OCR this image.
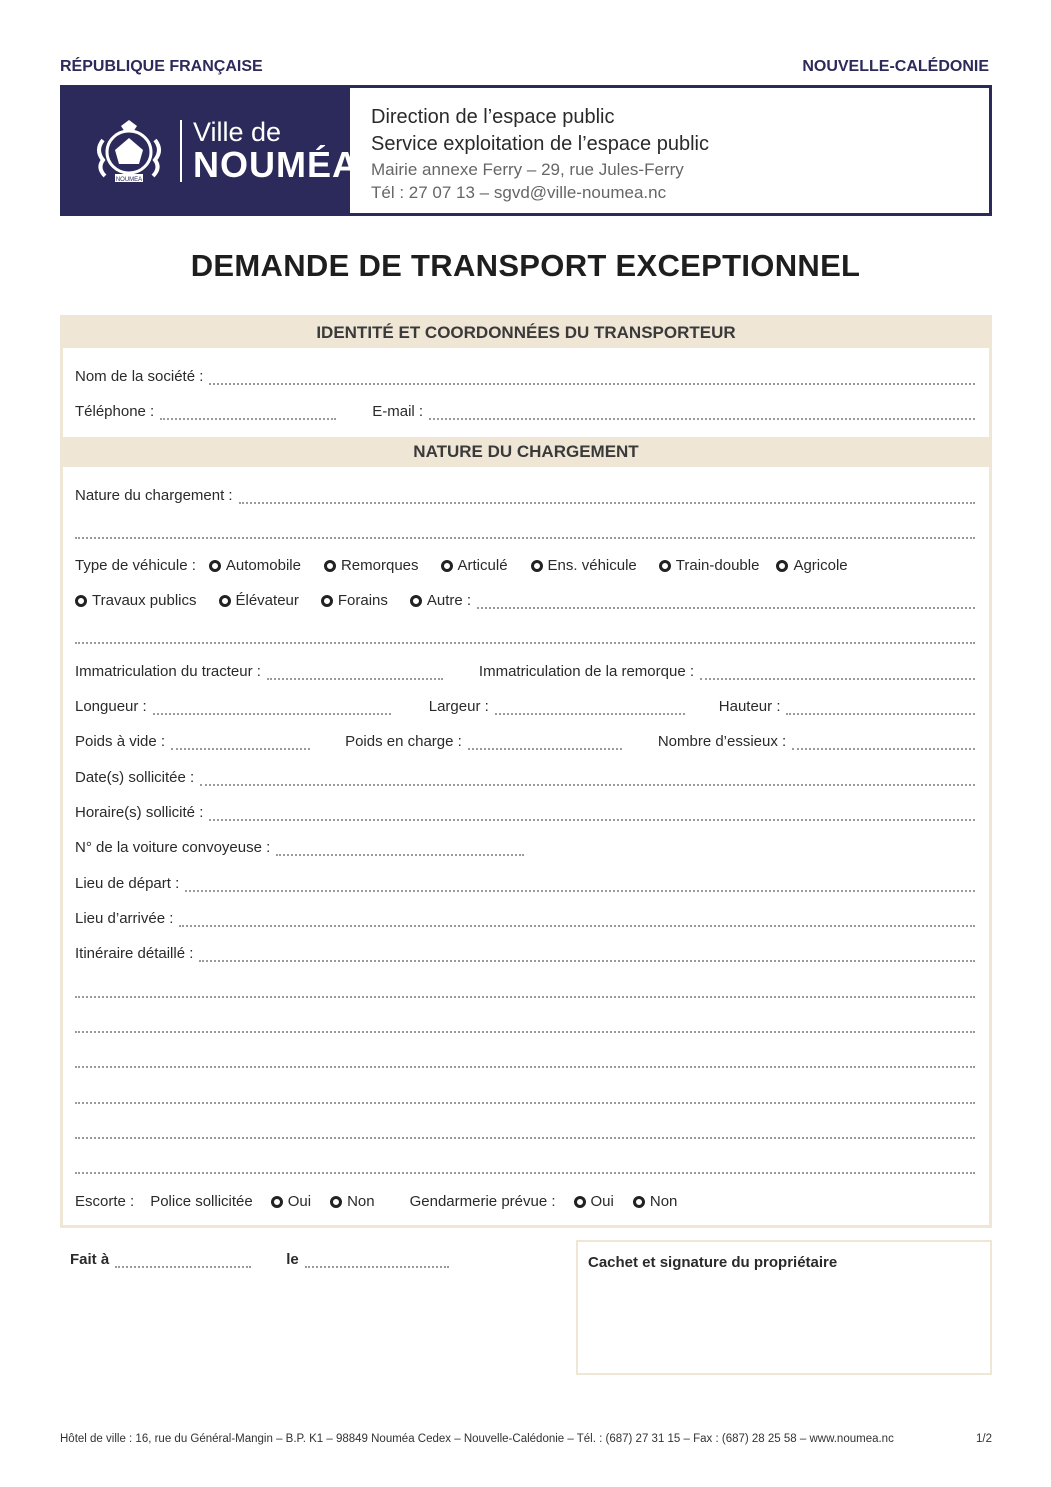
RÉPUBLIQUE FRANÇAISE	NOUVELLE-CALÉDONIE
NOUMEA
Ville de
NOUMÉA
Direction de l’espace public
Service exploitation de l’espace public
Mairie annexe Ferry – 29, rue Jules-Ferry
Tél : 27 07 13 – sgvd@ville-noumea.nc
DEMANDE DE TRANSPORT EXCEPTIONNEL
IDENTITÉ ET COORDONNÉES DU TRANSPORTEUR
Nom de la société :
Téléphone :	E-mail :
NATURE DU CHARGEMENT
Nature du chargement :
Type de véhicule : Automobile	Remorques	Articulé	Ens. véhicule	Train-double Agricole
Travaux publics	Élévateur	Forains	Autre :
Immatriculation du tracteur :	Immatriculation de la remorque :
Longueur :	Largeur :	Hauteur :
Poids à vide :	Poids en charge :	Nombre d’essieux :
Date(s) sollicitée :
Horaire(s) sollicité :
N° de la voiture convoyeuse :
Lieu de départ :
Lieu d’arrivée :
Itinéraire détaillé :
Escorte : Police sollicitée Oui Non Gendarmerie prévue : Oui Non
Fait à	le	Cachet et signature du propriétaire
Hôtel de ville : 16, rue du Général-Mangin – B.P. K1 – 98849 Nouméa Cedex – Nouvelle-Calédonie – Tél. : (687) 27 31 15 – Fax : (687) 28 25 58 – www.noumea.nc	1/2
